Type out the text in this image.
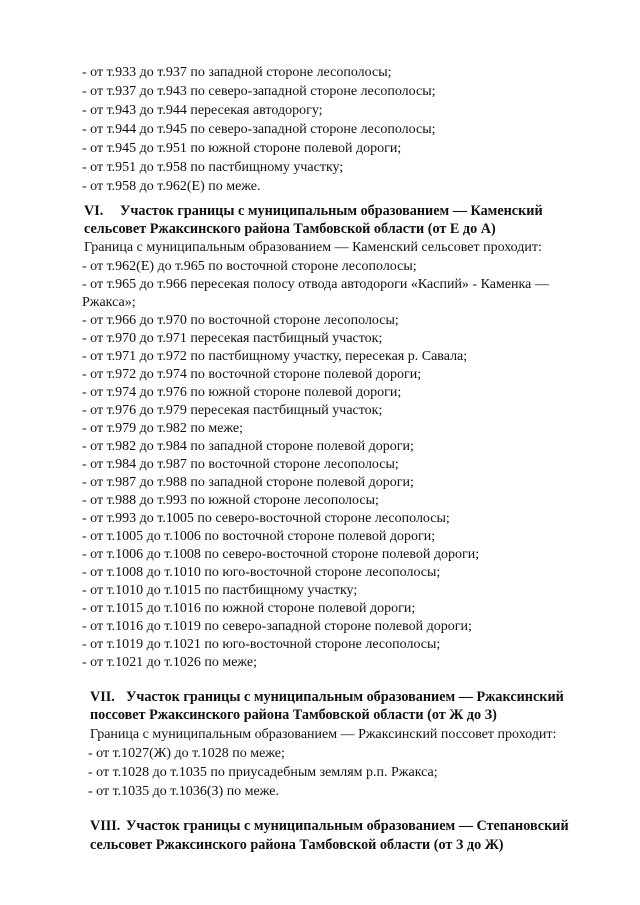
- от т.933 до т.937 по западной стороне лесополосы;
- от т.937 до т.943 по северо-западной стороне лесополосы;
- от т.943 до т.944 пересекая автодорогу;
- от т.944 до т.945 по северо-западной стороне лесополосы;
- от т.945 до т.951 по южной стороне полевой дороги;
- от т.951 до т.958 по пастбищному участку;
- от т.958 до т.962(Е) по меже.
VI. Участок границы с муниципальным образованием — Каменский
сельсовет Ржаксинского района Тамбовской области (от Е до А)
Граница с муниципальным образованием — Каменский сельсовет проходит:
- от т.962(Е) до т.965 по восточной стороне лесополосы;
- от т.965 до т.966 пересекая полосу отвода автодороги «Каспий» - Каменка —
Ржакса»;
- от т.966 до т.970 по восточной стороне лесополосы;
- от т.970 до т.971 пересекая пастбищный участок;
- от т.971 до т.972 по пастбищному участку, пересекая р. Савала;
- от т.972 до т.974 по восточной стороне полевой дороги;
- от т.974 до т.976 по южной стороне полевой дороги;
- от т.976 до т.979 пересекая пастбищный участок;
- от т.979 до т.982 по меже;
- от т.982 до т.984 по западной стороне полевой дороги;
- от т.984 до т.987 по восточной стороне лесополосы;
- от т.987 до т.988 по западной стороне полевой дороги;
- от т.988 до т.993 по южной стороне лесополосы;
- от т.993 до т.1005 по северо-восточной стороне лесополосы;
- от т.1005 до т.1006 по восточной стороне полевой дороги;
- от т.1006 до т.1008 по северо-восточной стороне полевой дороги;
- от т.1008 до т.1010 по юго-восточной стороне лесополосы;
- от т.1010 до т.1015 по пастбищному участку;
- от т.1015 до т.1016 по южной стороне полевой дороги;
- от т.1016 до т.1019 по северо-западной стороне полевой дороги;
- от т.1019 до т.1021 по юго-восточной стороне лесополосы;
- от т.1021 до т.1026 по меже;
VII. Участок границы с муниципальным образованием — Ржаксинский
поссовет Ржаксинского района Тамбовской области (от Ж до З)
Граница с муниципальным образованием — Ржаксинский поссовет проходит:
- от т.1027(Ж) до т.1028 по меже;
- от т.1028 до т.1035 по приусадебным землям р.п. Ржакса;
- от т.1035 до т.1036(З) по меже.
VIII. Участок границы с муниципальным образованием — Степановский
сельсовет Ржаксинского района Тамбовской области (от З до Ж)
